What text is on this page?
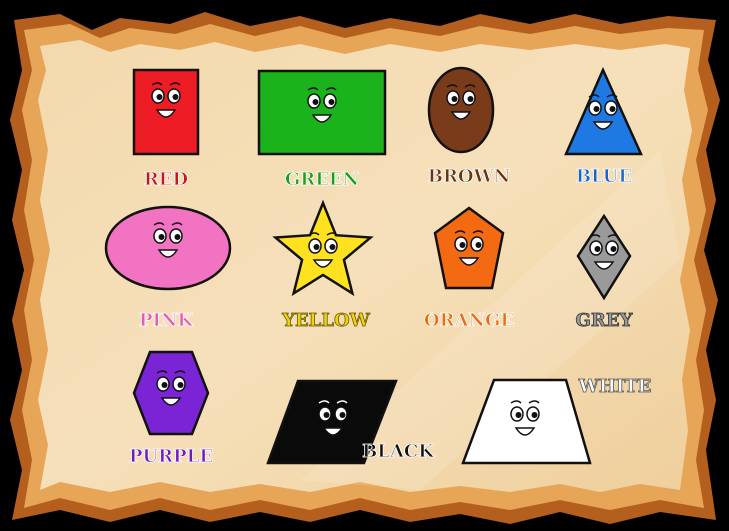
RED	GREEN	BROWN	BLUE
PINK	YELLOW	ORANGE	GREY
PURPLE	BLACK
WHITE
